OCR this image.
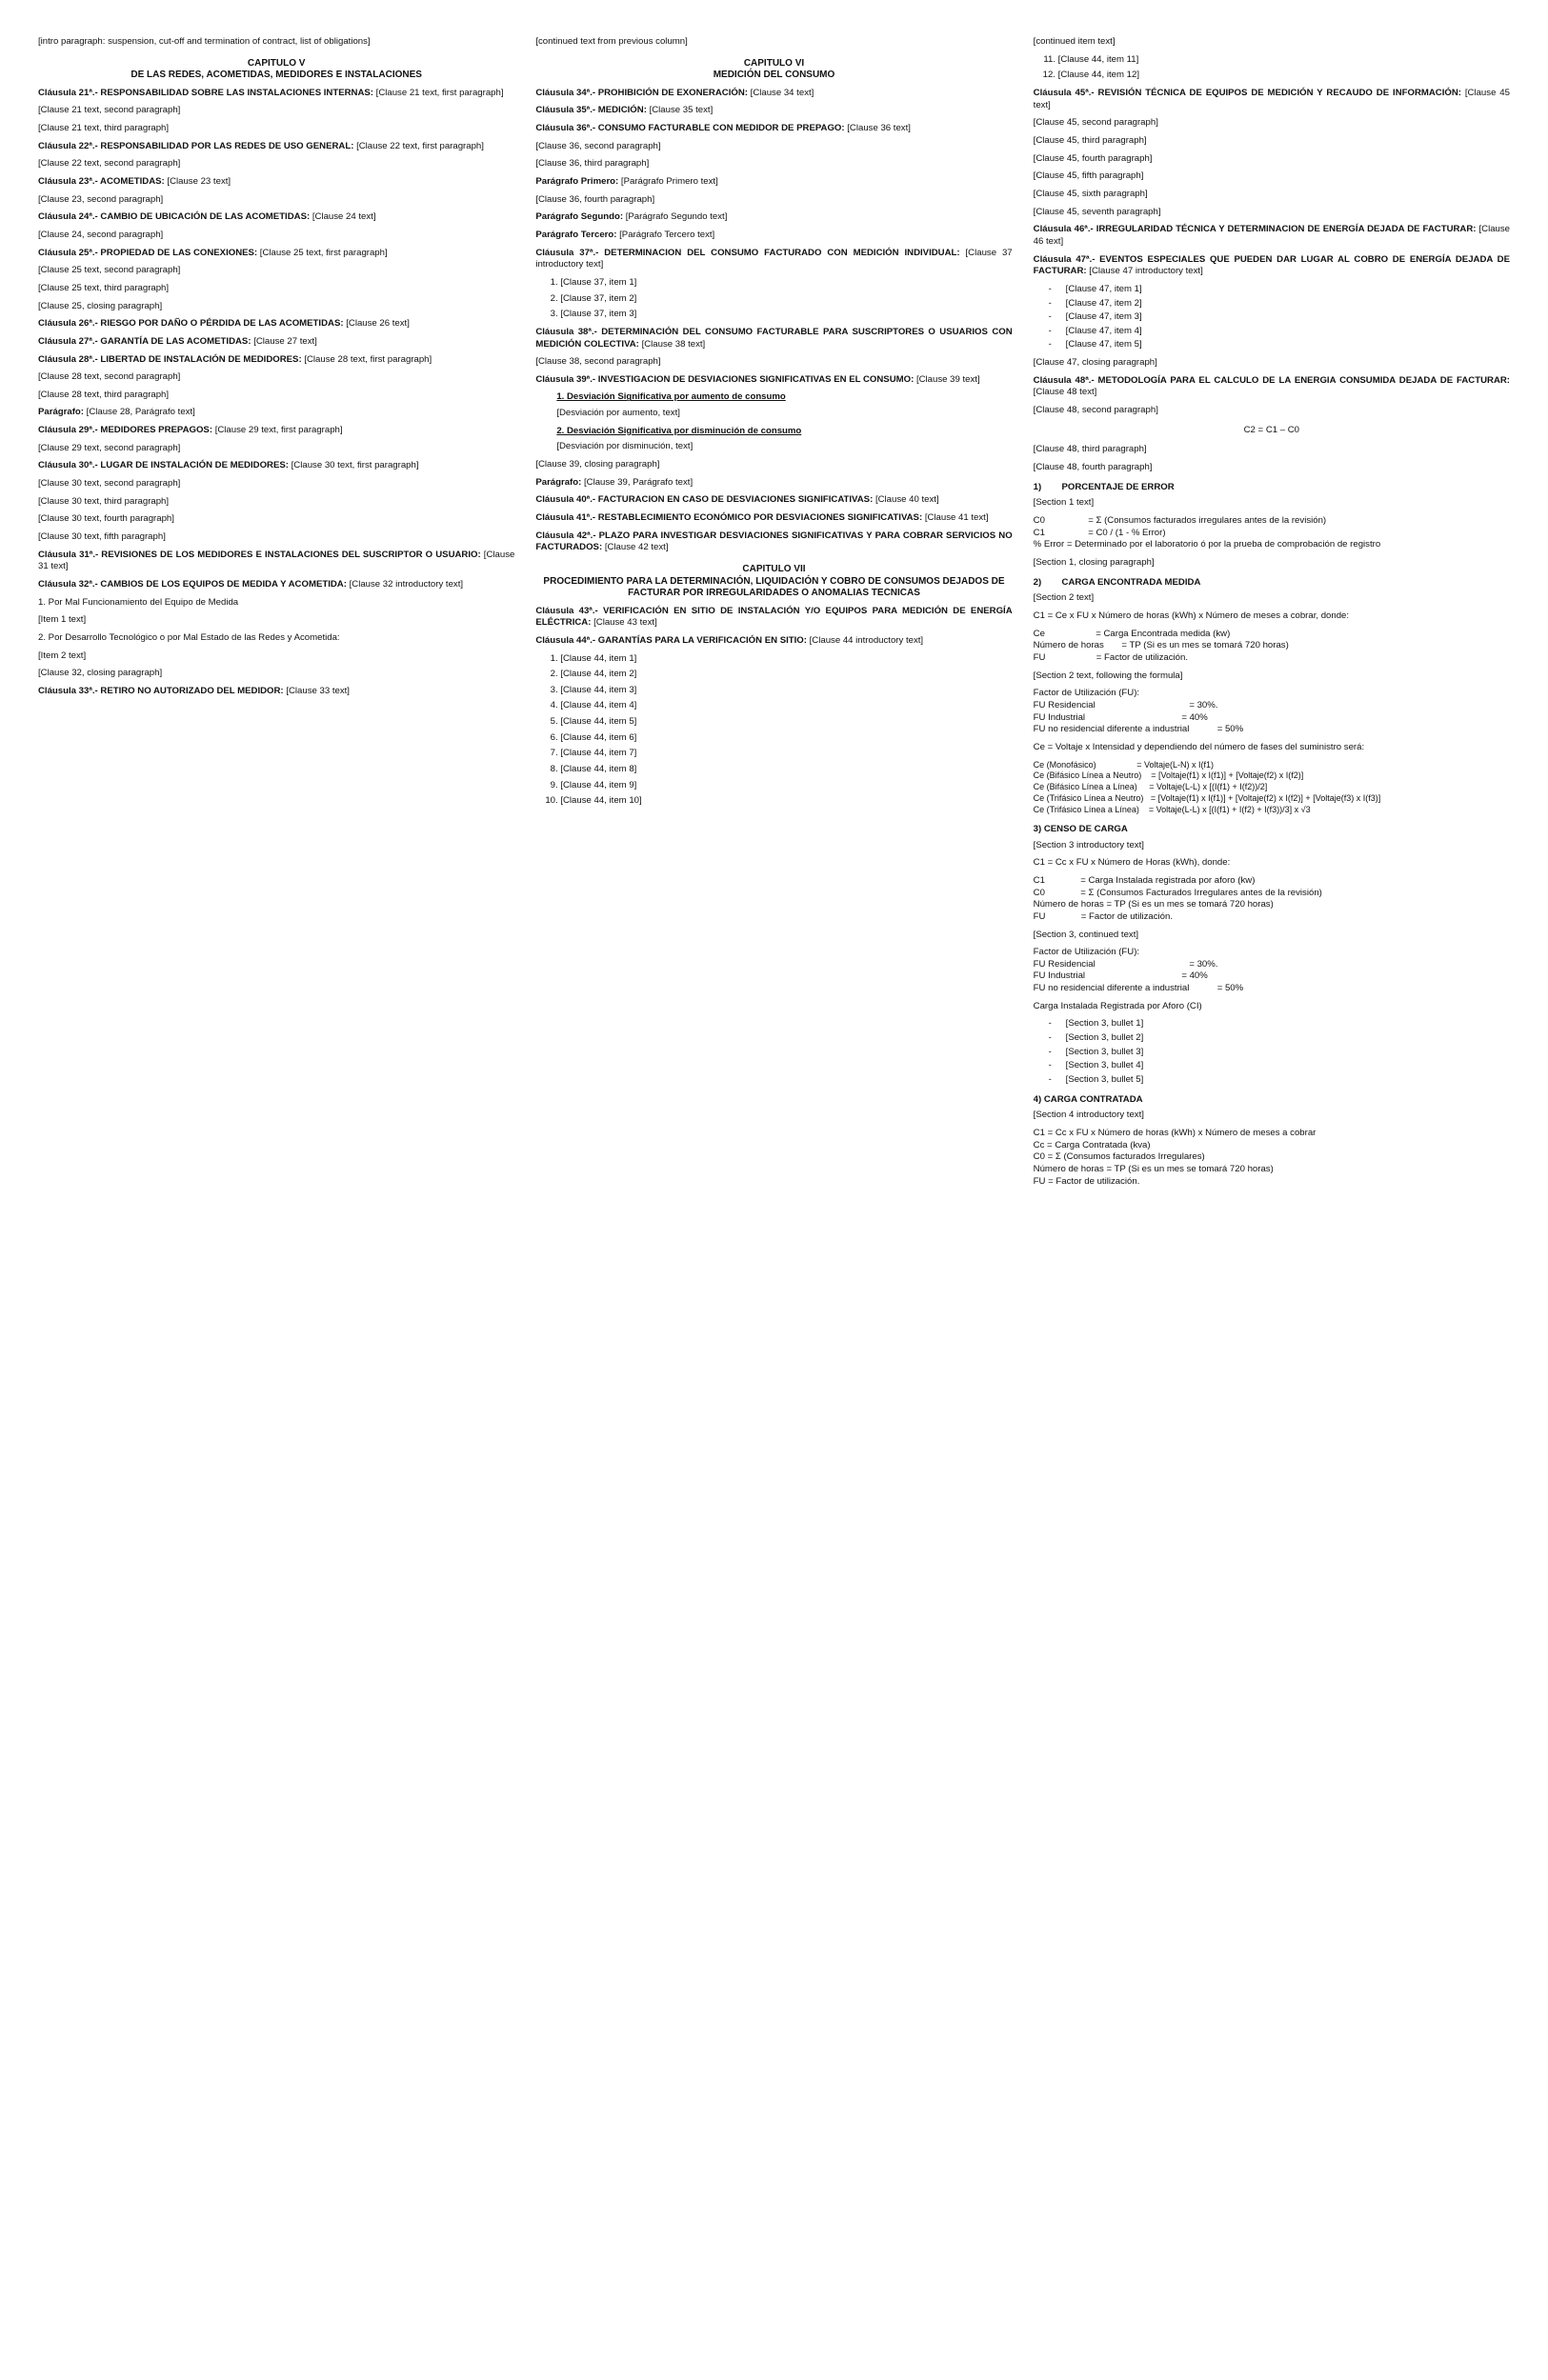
[intro paragraph: suspension, cut-off and termination of contract, list of obligations]

CAPITULO V
DE LAS REDES, ACOMETIDAS, MEDIDORES E INSTALACIONES

Cláusula 21ª.- RESPONSABILIDAD SOBRE LAS INSTALACIONES INTERNAS: [Clause 21 text, first paragraph]

[Clause 21 text, second paragraph]

[Clause 21 text, third paragraph]

Cláusula 22ª.- RESPONSABILIDAD POR LAS REDES DE USO GENERAL: [Clause 22 text, first paragraph]

[Clause 22 text, second paragraph]

Cláusula 23ª.- ACOMETIDAS: [Clause 23 text]

[Clause 23, second paragraph]

Cláusula 24ª.- CAMBIO DE UBICACIÓN DE LAS ACOMETIDAS: [Clause 24 text]

[Clause 24, second paragraph]

Cláusula 25ª.- PROPIEDAD DE LAS CONEXIONES: [Clause 25 text, first paragraph]

[Clause 25 text, second paragraph]

[Clause 25 text, third paragraph]

[Clause 25, closing paragraph]

Cláusula 26ª.- RIESGO POR DAÑO O PÉRDIDA DE LAS ACOMETIDAS: [Clause 26 text]

Cláusula 27ª.- GARANTÍA DE LAS ACOMETIDAS: [Clause 27 text]

Cláusula 28ª.- LIBERTAD DE INSTALACIÓN DE MEDIDORES: [Clause 28 text, first paragraph]

[Clause 28 text, second paragraph]

[Clause 28 text, third paragraph]

Parágrafo: [Clause 28, Parágrafo text]

Cláusula 29ª.- MEDIDORES PREPAGOS: [Clause 29 text, first paragraph]

[Clause 29 text, second paragraph]

Cláusula 30ª.- LUGAR DE INSTALACIÓN DE MEDIDORES: [Clause 30 text, first paragraph]

[Clause 30 text, second paragraph]

[Clause 30 text, third paragraph]

[Clause 30 text, fourth paragraph]

[Clause 30 text, fifth paragraph]

Cláusula 31ª.- REVISIONES DE LOS MEDIDORES E INSTALACIONES DEL SUSCRIPTOR O USUARIO: [Clause 31 text]

Cláusula 32ª.- CAMBIOS DE LOS EQUIPOS DE MEDIDA Y ACOMETIDA: [Clause 32 introductory text]

1. Por Mal Funcionamiento del Equipo de Medida

[Item 1 text]

2. Por Desarrollo Tecnológico o por Mal Estado de las Redes y Acometida:

[Item 2 text]

[Clause 32, closing paragraph]

Cláusula 33ª.- RETIRO NO AUTORIZADO DEL MEDIDOR: [Clause 33 text]

[continued text from previous column]

CAPITULO VI
MEDICIÓN DEL CONSUMO

Cláusula 34ª.- PROHIBICIÓN DE EXONERACIÓN: [Clause 34 text]

Cláusula 35ª.- MEDICIÓN: [Clause 35 text]

Cláusula 36ª.- CONSUMO FACTURABLE CON MEDIDOR DE PREPAGO: [Clause 36 text]

[Clause 36, second paragraph]

[Clause 36, third paragraph]

Parágrafo Primero: [Parágrafo Primero text]

[Clause 36, fourth paragraph]

Parágrafo Segundo: [Parágrafo Segundo text]

Parágrafo Tercero: [Parágrafo Tercero text]

Cláusula 37ª.- DETERMINACION DEL CONSUMO FACTURADO CON MEDICIÓN INDIVIDUAL: [Clause 37 introductory text]

1. [Clause 37, item 1]
2. [Clause 37, item 2]
3. [Clause 37, item 3]

Cláusula 38ª.- DETERMINACIÓN DEL CONSUMO FACTURABLE PARA SUSCRIPTORES O USUARIOS CON MEDICIÓN COLECTIVA: [Clause 38 text]

[Clause 38, second paragraph]

Cláusula 39ª.- INVESTIGACION DE DESVIACIONES SIGNIFICATIVAS EN EL CONSUMO: [Clause 39 text]

1. Desviación Significativa por aumento de consumo

[Desviación por aumento, text]

2. Desviación Significativa por disminución de consumo

[Desviación por disminución, text]

[Clause 39, closing paragraph]

Parágrafo: [Clause 39, Parágrafo text]

Cláusula 40ª.- FACTURACION EN CASO DE DESVIACIONES SIGNIFICATIVAS: [Clause 40 text]

Cláusula 41ª.- RESTABLECIMIENTO ECONÓMICO POR DESVIACIONES SIGNIFICATIVAS: [Clause 41 text]

Cláusula 42ª.- PLAZO PARA INVESTIGAR DESVIACIONES SIGNIFICATIVAS Y PARA COBRAR SERVICIOS NO FACTURADOS: [Clause 42 text]

CAPITULO VII
PROCEDIMIENTO PARA LA DETERMINACIÓN, LIQUIDACIÓN Y COBRO DE CONSUMOS DEJADOS DE FACTURAR POR IRREGULARIDADES O ANOMALIAS TECNICAS

Cláusula 43ª.- VERIFICACIÓN EN SITIO DE INSTALACIÓN Y/O EQUIPOS PARA MEDICIÓN DE ENERGÍA ELÉCTRICA: [Clause 43 text]

Cláusula 44ª.- GARANTÍAS PARA LA VERIFICACIÓN EN SITIO: [Clause 44 introductory text]

1. [Clause 44, item 1]
2. [Clause 44, item 2]
3. [Clause 44, item 3]
4. [Clause 44, item 4]
5. [Clause 44, item 5]
6. [Clause 44, item 6]
7. [Clause 44, item 7]
8. [Clause 44, item 8]
9. [Clause 44, item 9]
10. [Clause 44, item 10]

[continued item text]

11. [Clause 44, item 11]
12. [Clause 44, item 12]

Cláusula 45ª.- REVISIÓN TÉCNICA DE EQUIPOS DE MEDICIÓN Y RECAUDO DE INFORMACIÓN: [Clause 45 text]

[Clause 45, second paragraph]

[Clause 45, third paragraph]

[Clause 45, fourth paragraph]

[Clause 45, fifth paragraph]

[Clause 45, sixth paragraph]

[Clause 45, seventh paragraph]

Cláusula 46ª.- IRREGULARIDAD TÉCNICA Y DETERMINACION DE ENERGÍA DEJADA DE FACTURAR: [Clause 46 text]

Cláusula 47ª.- EVENTOS ESPECIALES QUE PUEDEN DAR LUGAR AL COBRO DE ENERGÍA DEJADA DE FACTURAR: [Clause 47 introductory text]

- [Clause 47, item 1]
- [Clause 47, item 2]
- [Clause 47, item 3]
- [Clause 47, item 4]
- [Clause 47, item 5]

[Clause 47, closing paragraph]

Cláusula 48ª.- METODOLOGÍA PARA EL CALCULO DE LA ENERGIA CONSUMIDA DEJADA DE FACTURAR: [Clause 48 text]

[Clause 48, second paragraph]

C2 = C1 – C0

[Clause 48, third paragraph]

[Clause 48, fourth paragraph]

1) PORCENTAJE DE ERROR

[Section 1 text]

C0                 = Σ (Consumos facturados irregulares antes de la revisión)
C1                 = C0 / (1 - % Error)
% Error = Determinado por el laboratorio ó por la prueba de comprobación de registro

[Section 1, closing paragraph]

2) CARGA ENCONTRADA MEDIDA

[Section 2 text]

C1 = Ce x FU x Número de horas (kWh) x Número de meses a cobrar, donde:

Ce                    = Carga Encontrada medida (kw)
Número de horas       = TP (Si es un mes se tomará 720 horas)
FU                    = Factor de utilización.

[Section 2 text, following the formula]

Factor de Utilización (FU):
FU Residencial                                     = 30%.
FU Industrial                                      = 40%
FU no residencial diferente a industrial           = 50%

Ce = Voltaje x Intensidad y dependiendo del número de fases del suministro será:

Ce (Monofásico)                 = Voltaje(L-N) x I(f1)
Ce (Bifásico Línea a Neutro)    = [Voltaje(f1) x I(f1)] + [Voltaje(f2) x I(f2)]
Ce (Bifásico Línea a Línea)     = Voltaje(L-L) x [(I(f1) + I(f2))/2]
Ce (Trifásico Línea a Neutro)   = [Voltaje(f1) x I(f1)] + [Voltaje(f2) x I(f2)] + [Voltaje(f3) x I(f3)]
Ce (Trifásico Línea a Línea)    = Voltaje(L-L) x [(I(f1) + I(f2) + I(f3))/3] x √3
3) CENSO DE CARGA

[Section 3 introductory text]

C1 = Cc x FU x Número de Horas (kWh), donde:

C1              = Carga Instalada registrada por aforo (kw)
C0              = Σ (Consumos Facturados Irregulares antes de la revisión)
Número de horas = TP (Si es un mes se tomará 720 horas)
FU              = Factor de utilización.

[Section 3, continued text]

Factor de Utilización (FU):
FU Residencial                                     = 30%.
FU Industrial                                      = 40%
FU no residencial diferente a industrial           = 50%

Carga Instalada Registrada por Aforo (CI)

- [Section 3, bullet 1]
- [Section 3, bullet 2]
- [Section 3, bullet 3]
- [Section 3, bullet 4]
- [Section 3, bullet 5]
4) CARGA CONTRATADA

[Section 4 introductory text]

C1 = Cc x FU x Número de horas (kWh) x Número de meses a cobrar
Cc = Carga Contratada (kva)
C0 = Σ (Consumos facturados Irregulares)
Número de horas = TP (Si es un mes se tomará 720 horas)
FU = Factor de utilización.
